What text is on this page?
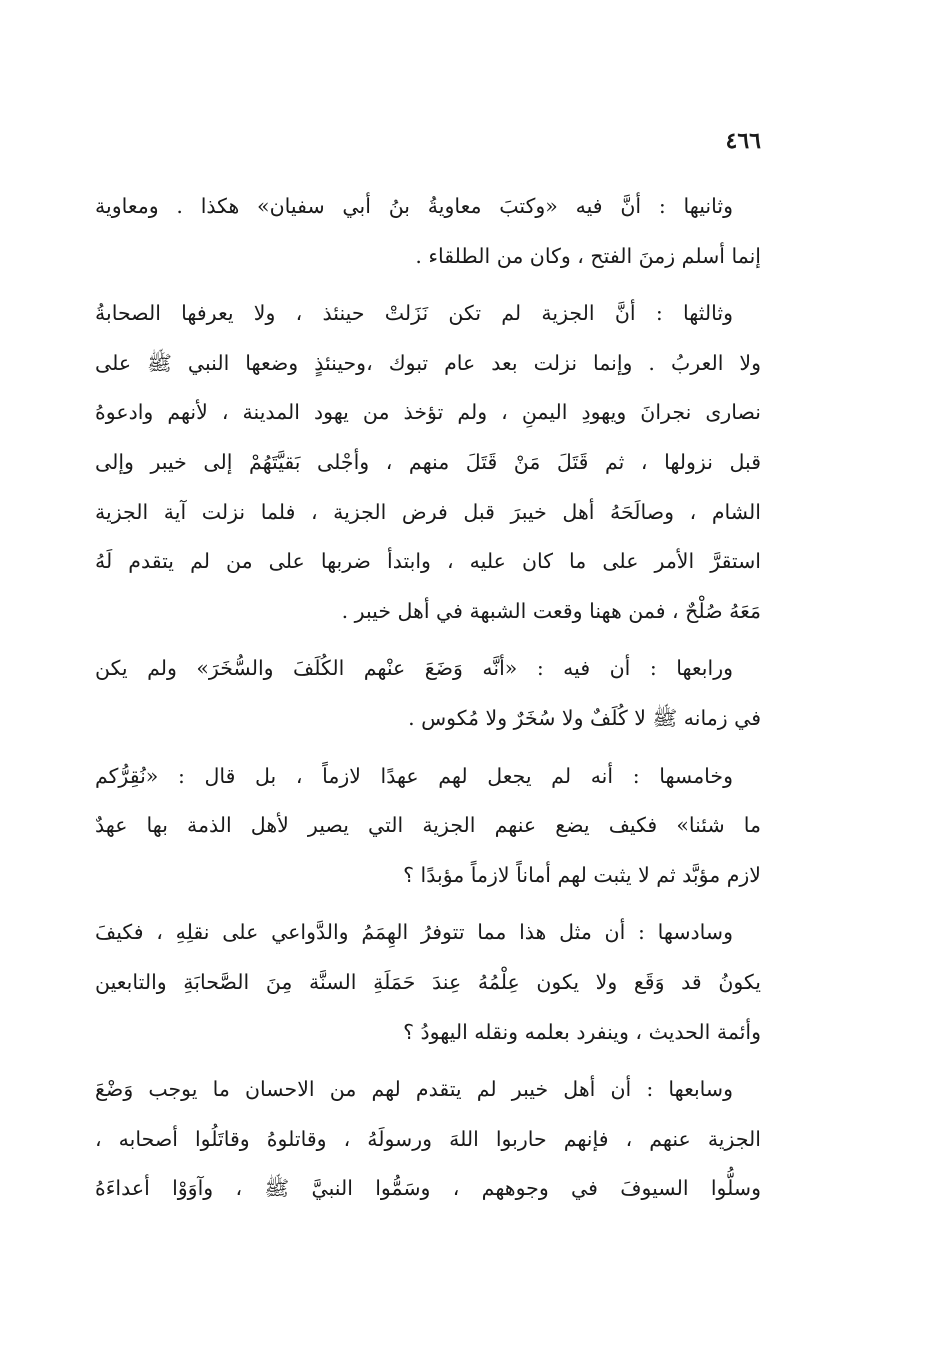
٤٦٦

وثانيها : أنَّ فيه «وكتبَ معاويةُ بنُ أبي سفيان» هكذا . ومعاوية
إنما أسلم زمنَ الفتح ، وكان من الطلقاء .

وثالثها : أنَّ الجزية لم تكن نَزَلتْ حينئذ ، ولا يعرفها الصحابةُ
ولا العربُ . وإنما نزلت بعد عام تبوك ،وحينئذٍ وضعها النبي ﷺ على
نصارى نجرانَ ويهودِ اليمنِ ، ولم تؤخذ من يهود المدينة ، لأنهم وادعوهُ
قبل نزولها ، ثم قَتَلَ مَنْ قَتَلَ منهم ، وأجْلى بَقيَّتَهُمْ إلى خيبر وإلى
الشام ، وصالَحَهُ أهل خيبرَ قبل فرض الجزية ، فلما نزلت آية الجزية
استقرَّ الأمر على ما كان عليه ، وابتدأ ضربها على من لم يتقدم لَهُ
مَعَهُ صُلْحٌ ، فمن ههنا وقعت الشبهة في أهل خيبر .

ورابعها : أن فيه : «أنَّه وَضَعَ عنْهم الكُلَفَ والسُّخَرَ» ولم يكن
في زمانه ﷺ لا كُلَفٌ ولا سُخَرٌ ولا مُكوس .

وخامسها : أنه لم يجعل لهم عهدًا لازماً ، بل قال : «نُقِرُّكم
ما شئنا» فكيف يضع عنهم الجزية التي يصير لأهل الذمة بها عهدٌ
لازم مؤبَّد ثم لا يثبت لهم أماناً لازماً مؤبدًا ؟

وسادسها : أن مثل هذا مما تتوفرُ الهِمَمُ والدَّواعي على نقلِهِ ، فكيفَ
يكونُ قد وَقَع ولا يكون عِلْمُهُ عِندَ حَمَلَةِ السنَّة مِنَ الصَّحابَةِ والتابعين
وأئمة الحديث ، وينفرد بعلمه ونقله اليهودُ ؟

وسابعها : أن أهل خيبر لم يتقدم لهم من الاحسان ما يوجب وَضْعَ
الجزية عنهم ، فإنهم حاربوا اللهَ ورسولَهُ ، وقاتلوهُ وقاتَلُوا أصحابه ،
وسلُّوا السيوفَ في وجوههم ، وسَمُّوا النبيَّ ﷺ ، وآوَوْا أعداءَهُ
